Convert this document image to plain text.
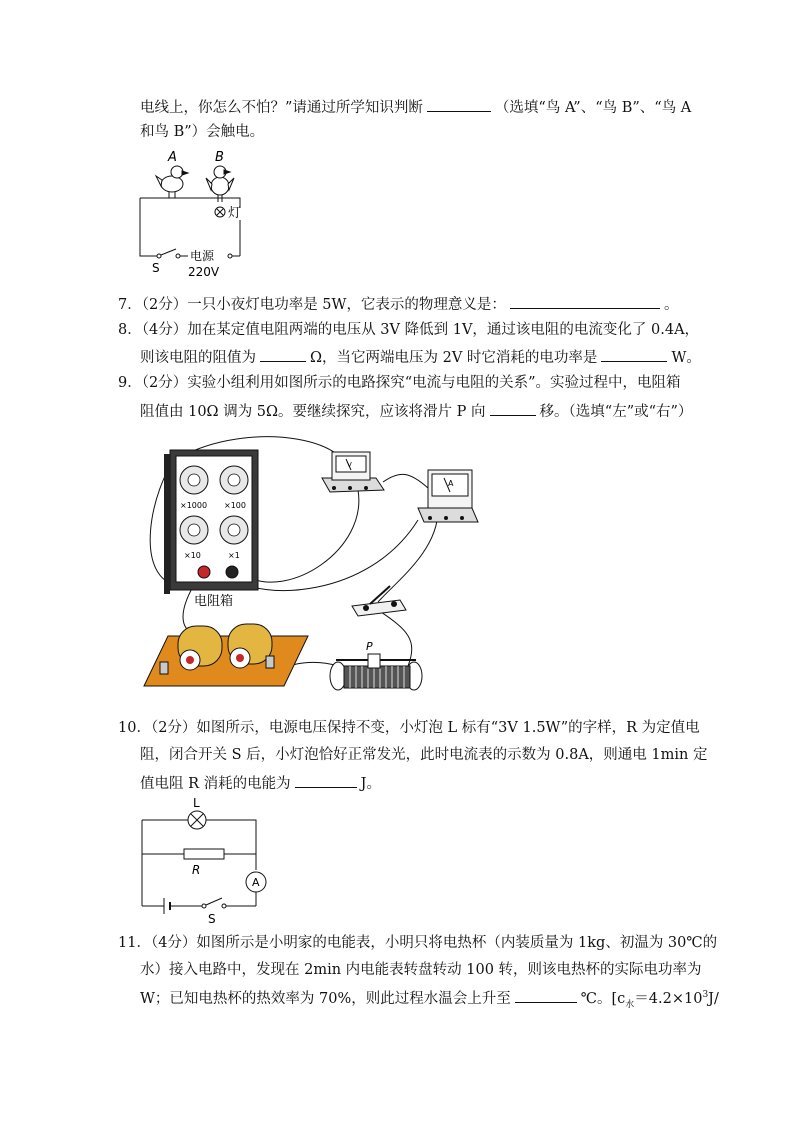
电线上，你怎么不怕？”请通过所学知识判断	（选填“鸟 A”、“鸟 B”、“鸟 A
和鸟 B”）会触电。
A	B
灯
S
电源
220V
7．（2分）一只小夜灯电功率是 5W，它表示的物理意义是：	。
8．（4分）加在某定值电阻两端的电压从 3V 降低到 1V，通过该电阻的电流变化了 0.4A，
则该电阻的阻值为	Ω，当它两端电压为 2V 时它消耗的电功率是	W。
9．（2分）实验小组利用如图所示的电路探究“电流与电阻的关系”。实验过程中，电阻箱
阻值由 10Ω 调为 5Ω。要继续探究，应该将滑片 P 向	移。（选填“左”或“右”）
×1000 ×100
×10	×1
−	+
电阻箱
V
A
P
10．（2分）如图所示，电源电压保持不变，小灯泡 L 标有“3V 1.5W”的字样，R 为定值电
阻，闭合开关 S 后，小灯泡恰好正常发光，此时电流表的示数为 0.8A，则通电 1min 定
值电阻 R 消耗的电能为	J。
L
R
A
S
11．（4分）如图所示是小明家的电能表，小明只将电热杯（内装质量为 1kg、初温为 30℃的
水）接入电路中，发现在 2min 内电能表转盘转动 100 转，则该电热杯的实际电功率为
W；已知电热杯的热效率为 70%，则此过程水温会上升至	℃。[$c_水=4.2\times 10^3J/$
